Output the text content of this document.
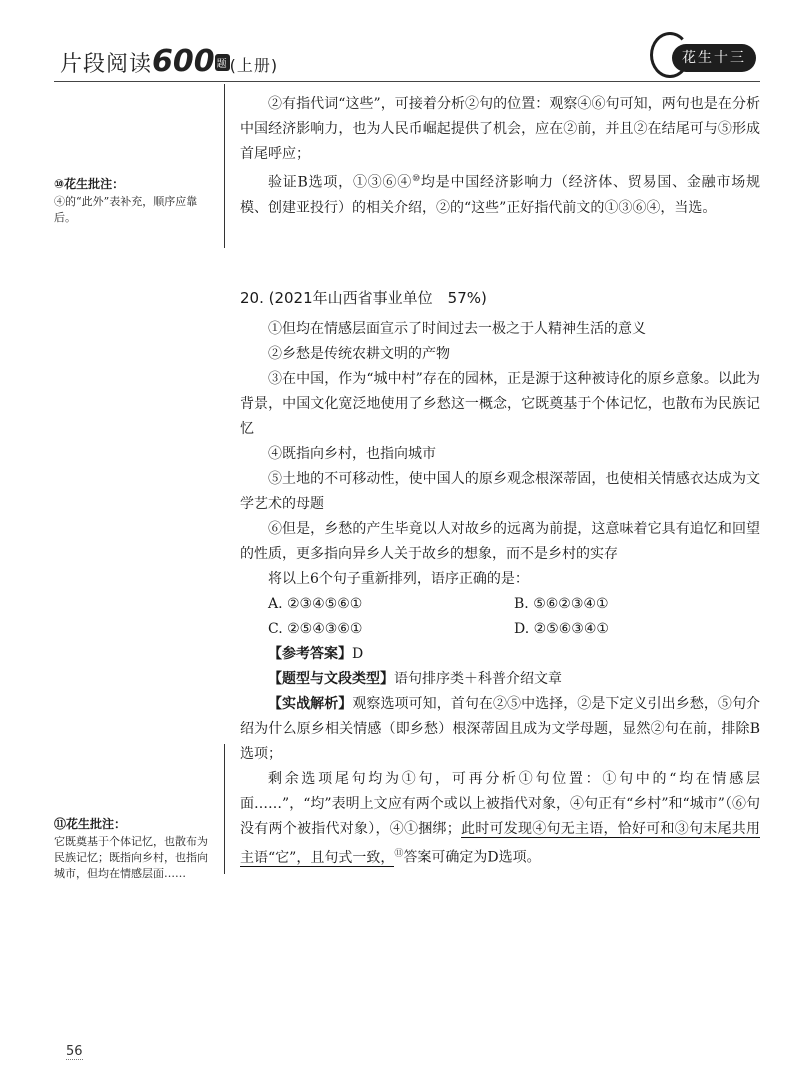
片段阅读600 题 (上册)	花生十三

②有指代词“这些”，可接着分析②句的位置：观察④⑥句可知，两句也是在分析中国经济影响力，也为人民币崛起提供了机会，应在②前，并且②在结尾可与⑤形成首尾呼应；

验证B选项，①③⑥④⑩均是中国经济影响力（经济体、贸易国、金融市场规模、创建亚投行）的相关介绍，②的“这些”正好指代前文的①③⑥④，当选。

⑩花生批注：
④的“此外”表补充，顺序应靠后。

20. (2021年山西省事业单位　57%)

①但均在情感层面宣示了时间过去一极之于人精神生活的意义

②乡愁是传统农耕文明的产物

③在中国，作为“城中村”存在的园林，正是源于这种被诗化的原乡意象。以此为背景，中国文化宽泛地使用了乡愁这一概念，它既奠基于个体记忆，也散布为民族记忆

④既指向乡村，也指向城市

⑤土地的不可移动性，使中国人的原乡观念根深蒂固，也使相关情感衣达成为文学艺术的母题

⑥但是，乡愁的产生毕竟以人对故乡的远离为前提，这意味着它具有追忆和回望的性质，更多指向异乡人关于故乡的想象，而不是乡村的实存

将以上6个句子重新排列，语序正确的是：

A. ②③④⑤⑥①	B. ⑤⑥②③④①
C. ②⑤④③⑥①	D. ②⑤⑥③④①

【参考答案】D

【题型与文段类型】语句排序类＋科普介绍文章

【实战解析】观察选项可知，首句在②⑤中选择，②是下定义引出乡愁，⑤句介绍为什么原乡相关情感（即乡愁）根深蒂固且成为文学母题，显然②句在前，排除B选项；

剩余选项尾句均为①句，可再分析①句位置：①句中的“均在情感层面……”，“均”表明上文应有两个或以上被指代对象，④句正有“乡村”和“城市”（⑥句没有两个被指代对象），④①捆绑；此时可发现④句无主语，恰好可和③句末尾共用主语“它”，且句式一致，⑪答案可确定为D选项。

⑪花生批注：
它既奠基于个体记忆，也散布为民族记忆；既指向乡村，也指向城市，但均在情感层面……
56
